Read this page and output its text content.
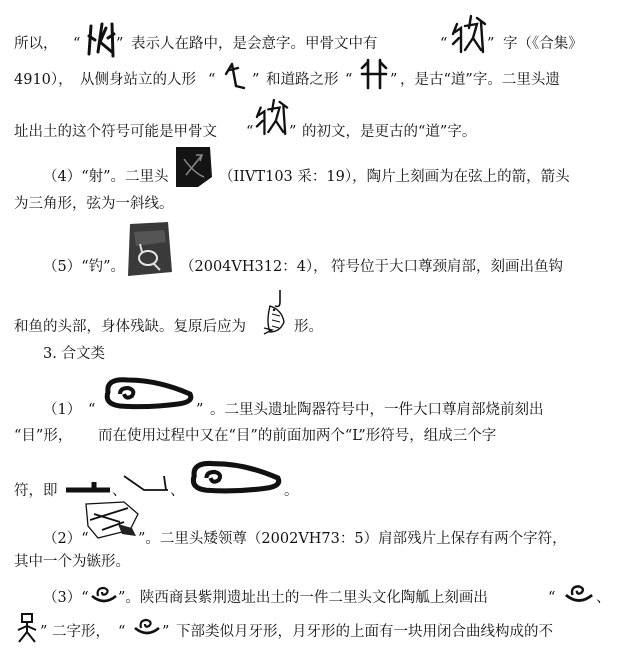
所以， “ ” 表示人在路中，是会意字。甲骨文中有	“	” 字（《合集》
4910）， 从侧身站立的人形 “	” 和道路之形 “	” ，是古“道”字。二里头遗
址出土的这个符号可能是甲骨文 “ ” 的初文，是更古的“道”字。
（4）“射”。二里头	（IIVT103 采：19），陶片上刻画为在弦上的箭，箭头
为三角形，弦为一斜线。
（5）“钓”。	（2004VH312：4）， 符号位于大口尊颈肩部，刻画出鱼钩
和鱼的头部，身体残缺。复原后应为	形。
3. 合文类
（1） “	” 。二里头遗址陶器符号中，一件大口尊肩部烧前刻出
“目”形， 而在使用过程中又在“目”的前面加两个“L”形符号，组成三个字
符，即	、	、	。
（2）“	”。二里头矮领尊（2002VH73：5）肩部残片上保存有两个字符，
其中一个为镞形。
（3）“ ”。陕西商县紫荆遗址出土的一件二里头文化陶觚上刻画出	“	、
” 二字形， “	” 下部类似月牙形，月牙形的上面有一块用闭合曲线构成的不
